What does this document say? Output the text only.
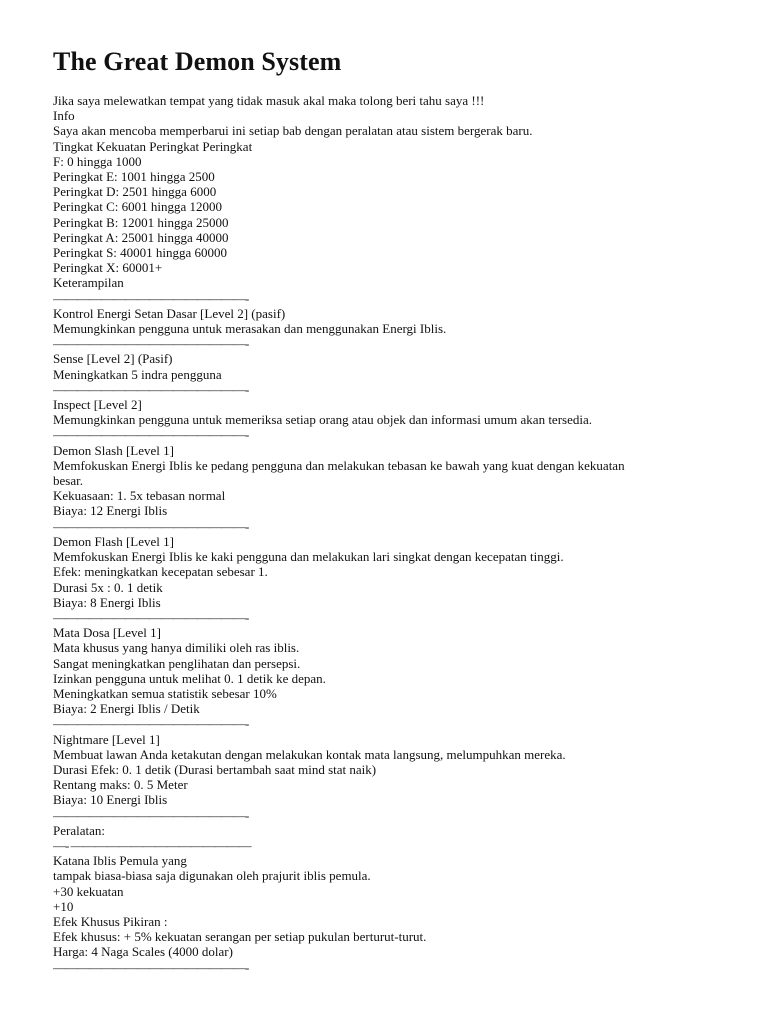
The Great Demon System
Jika saya melewatkan tempat yang tidak masuk akal maka tolong beri tahu saya !!!
Info
Saya akan mencoba memperbarui ini setiap bab dengan peralatan atau sistem bergerak baru.
Tingkat Kekuatan Peringkat Peringkat
F: 0 hingga 1000
Peringkat E: 1001 hingga 2500
Peringkat D: 2501 hingga 6000
Peringkat C: 6001 hingga 12000
Peringkat B: 12001 hingga 25000
Peringkat A: 25001 hingga 40000
Peringkat S: 40001 hingga 60000
Peringkat X: 60001+
Keterampilan
————————————————-
Kontrol Energi Setan Dasar [Level 2] (pasif)
Memungkinkan pengguna untuk merasakan dan menggunakan Energi Iblis.
————————————————-
Sense [Level 2] (Pasif)
Meningkatkan 5 indra pengguna
————————————————-
Inspect [Level 2]
Memungkinkan pengguna untuk memeriksa setiap orang atau objek dan informasi umum akan tersedia.
————————————————-
Demon Slash [Level 1]
Memfokuskan Energi Iblis ke pedang pengguna dan melakukan tebasan ke bawah yang kuat dengan kekuatan
besar.
Kekuasaan: 1. 5x tebasan normal
Biaya: 12 Energi Iblis
————————————————-
Demon Flash [Level 1]
Memfokuskan Energi Iblis ke kaki pengguna dan melakukan lari singkat dengan kecepatan tinggi.
Efek: meningkatkan kecepatan sebesar 1.
Durasi 5x : 0. 1 detik
Biaya: 8 Energi Iblis
————————————————-
Mata Dosa [Level 1]
Mata khusus yang hanya dimiliki oleh ras iblis.
Sangat meningkatkan penglihatan dan persepsi.
Izinkan pengguna untuk melihat 0. 1 detik ke depan.
Meningkatkan semua statistik sebesar 10%
Biaya: 2 Energi Iblis / Detik
————————————————-
Nightmare [Level 1]
Membuat lawan Anda ketakutan dengan melakukan kontak mata langsung, melumpuhkan mereka.
Durasi Efek: 0. 1 detik (Durasi bertambah saat mind stat naik)
Rentang maks: 0. 5 Meter
Biaya: 10 Energi Iblis
————————————————-
Peralatan:
—- ———————————————
Katana Iblis Pemula yang
tampak biasa-biasa saja digunakan oleh prajurit iblis pemula.
+30 kekuatan
+10
Efek Khusus Pikiran :
Efek khusus: + 5% kekuatan serangan per setiap pukulan berturut-turut.
Harga: 4 Naga Scales (4000 dolar)
————————————————-
